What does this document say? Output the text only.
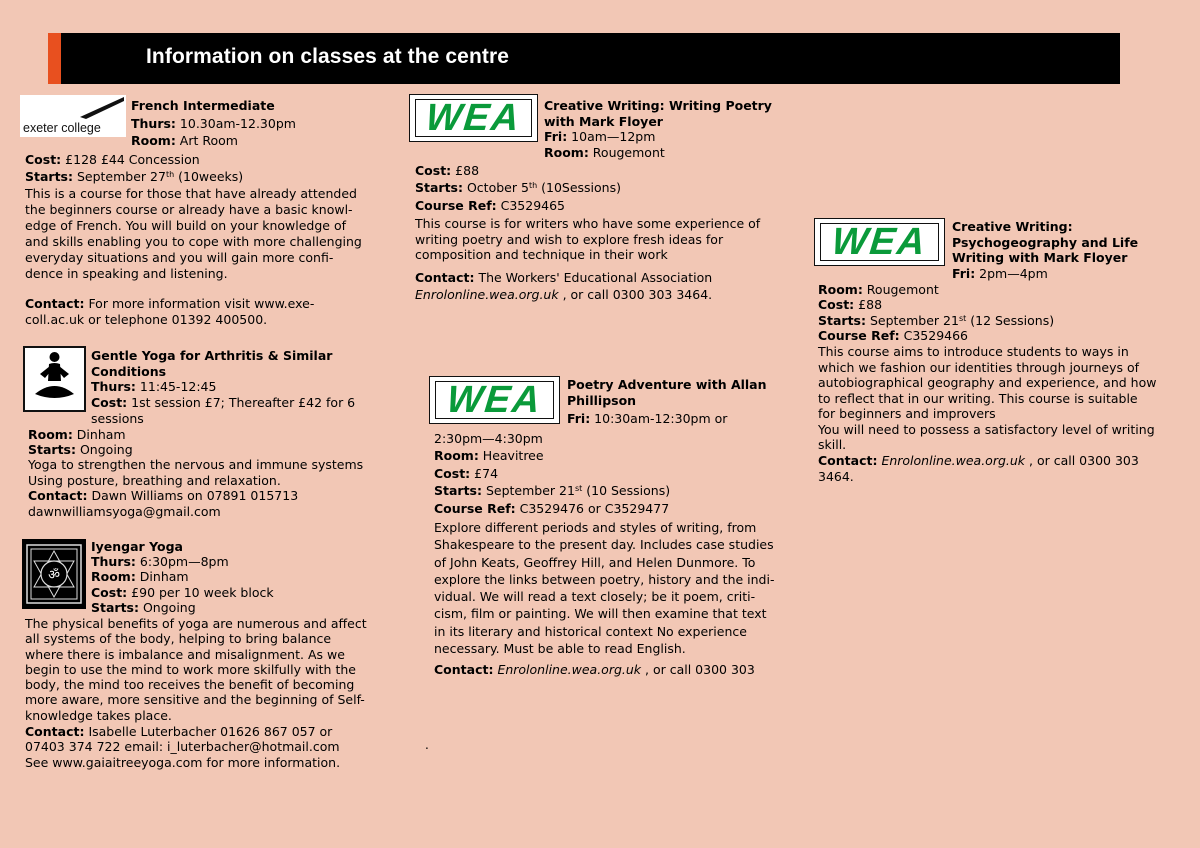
Information on classes at the centre
exeter college
French Intermediate
Thurs: 10.30am-12.30pm
Room: Art Room
Cost: £128 £44 Concession
Starts: September 27th (10weeks)
This is a course for those that have already attended
the beginners course or already have a basic knowl-
edge of French. You will build on your knowledge of
and skills enabling you to cope with more challenging
everyday situations and you will gain more confi-
dence in speaking and listening.
Contact: For more information visit www.exe-
coll.ac.uk or telephone 01392 400500.
Gentle Yoga for Arthritis & Similar
Conditions
Thurs: 11:45-12:45
Cost: 1st session £7; Thereafter £42 for 6
sessions
Room: Dinham
Starts: Ongoing
Yoga to strengthen the nervous and immune systems
Using posture, breathing and relaxation.
Contact: Dawn Williams on 07891 015713
dawnwilliamsyoga@gmail.com
ॐ
Iyengar Yoga
Thurs: 6:30pm—8pm
Room: Dinham
Cost: £90 per 10 week block
Starts: Ongoing
The physical benefits of yoga are numerous and affect
all systems of the body, helping to bring balance
where there is imbalance and misalignment. As we
begin to use the mind to work more skilfully with the
body, the mind too receives the benefit of becoming
more aware, more sensitive and the beginning of Self-
knowledge takes place.
Contact: Isabelle Luterbacher 01626 867 057 or
07403 374 722 email: i_luterbacher@hotmail.com
See www.gaiaitreeyoga.com for more information.
WEA Creative Writing: Writing Poetry
with Mark Floyer
Fri: 10am—12pm
Room: Rougemont
Cost: £88
Starts: October 5th (10Sessions)
Course Ref: C3529465
This course is for writers who have some experience of
writing poetry and wish to explore fresh ideas for
composition and technique in their work
Contact: The Workers' Educational Association
Enrolonline.wea.org.uk , or call 0300 303 3464.
WEA Poetry Adventure with Allan
Phillipson
Fri: 10:30am-12:30pm or
2:30pm—4:30pm
Room: Heavitree
Cost: £74
Starts: September 21st (10 Sessions)
Course Ref: C3529476 or C3529477
Explore different periods and styles of writing, from
Shakespeare to the present day. Includes case studies
of John Keats, Geoffrey Hill, and Helen Dunmore. To
explore the links between poetry, history and the indi-
vidual. We will read a text closely; be it poem, criti-
cism, film or painting. We will then examine that text
in its literary and historical context No experience
necessary. Must be able to read English.
Contact: Enrolonline.wea.org.uk , or call 0300 303
WEA Creative Writing:
Psychogeography and Life
Writing with Mark Floyer
Fri: 2pm—4pm
Room: Rougemont
Cost: £88
Starts: September 21st (12 Sessions)
Course Ref: C3529466
This course aims to introduce students to ways in
which we fashion our identities through journeys of
autobiographical geography and experience, and how
to reflect that in our writing. This course is suitable
for beginners and improvers
You will need to possess a satisfactory level of writing
skill.
Contact: Enrolonline.wea.org.uk , or call 0300 303
3464.
.
